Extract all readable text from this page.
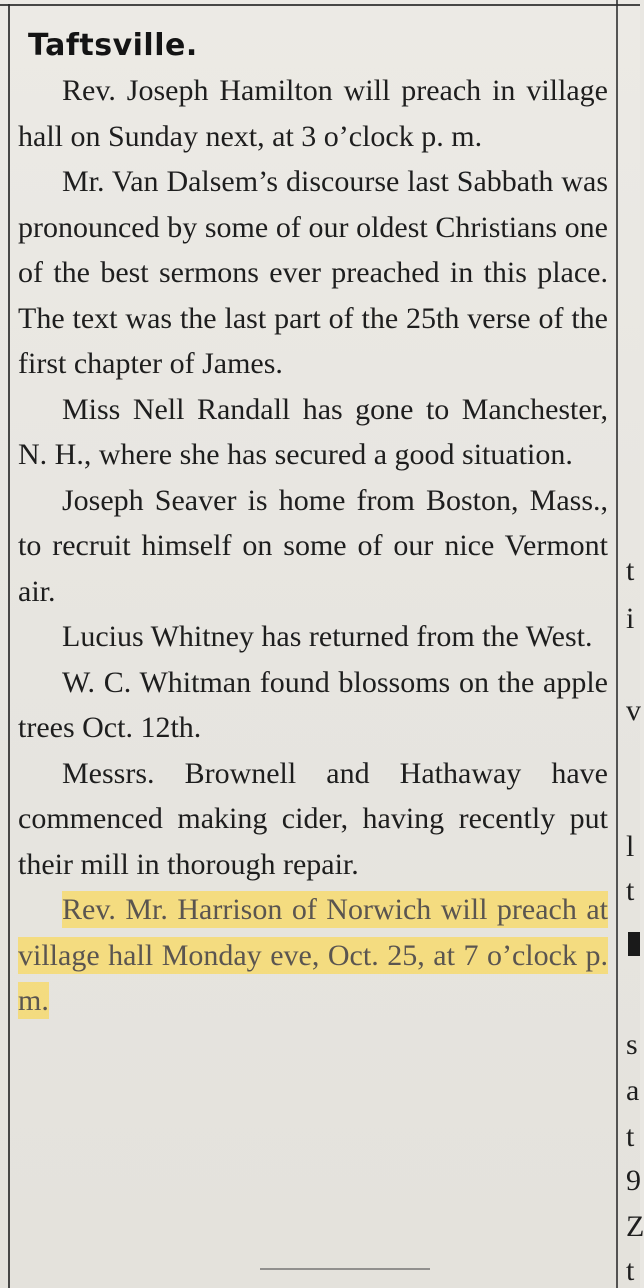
Taftsville.

Rev. Joseph Hamilton will preach in village hall on Sunday next, at 3 o’clock p. m.

Mr. Van Dalsem’s discourse last Sabbath was pronounced by some of our oldest Christians one of the best sermons ever preached in this place. The text was the last part of the 25th verse of the first chapter of James.

Miss Nell Randall has gone to Manchester, N. H., where she has secured a good situation.

Joseph Seaver is home from Boston, Mass., to recruit himself on some of our nice Vermont air.

Lucius Whitney has returned from the West.

W. C. Whitman found blossoms on the apple trees Oct. 12th.

Messrs. Brownell and Hathaway have commenced making cider, having recently put their mill in thorough repair.

Rev. Mr. Harrison of Norwich will preach at village hall Monday eve, Oct. 25, at 7 o’clock p. m.

t
i
v
l
t
s
a
t
9
Z
t
